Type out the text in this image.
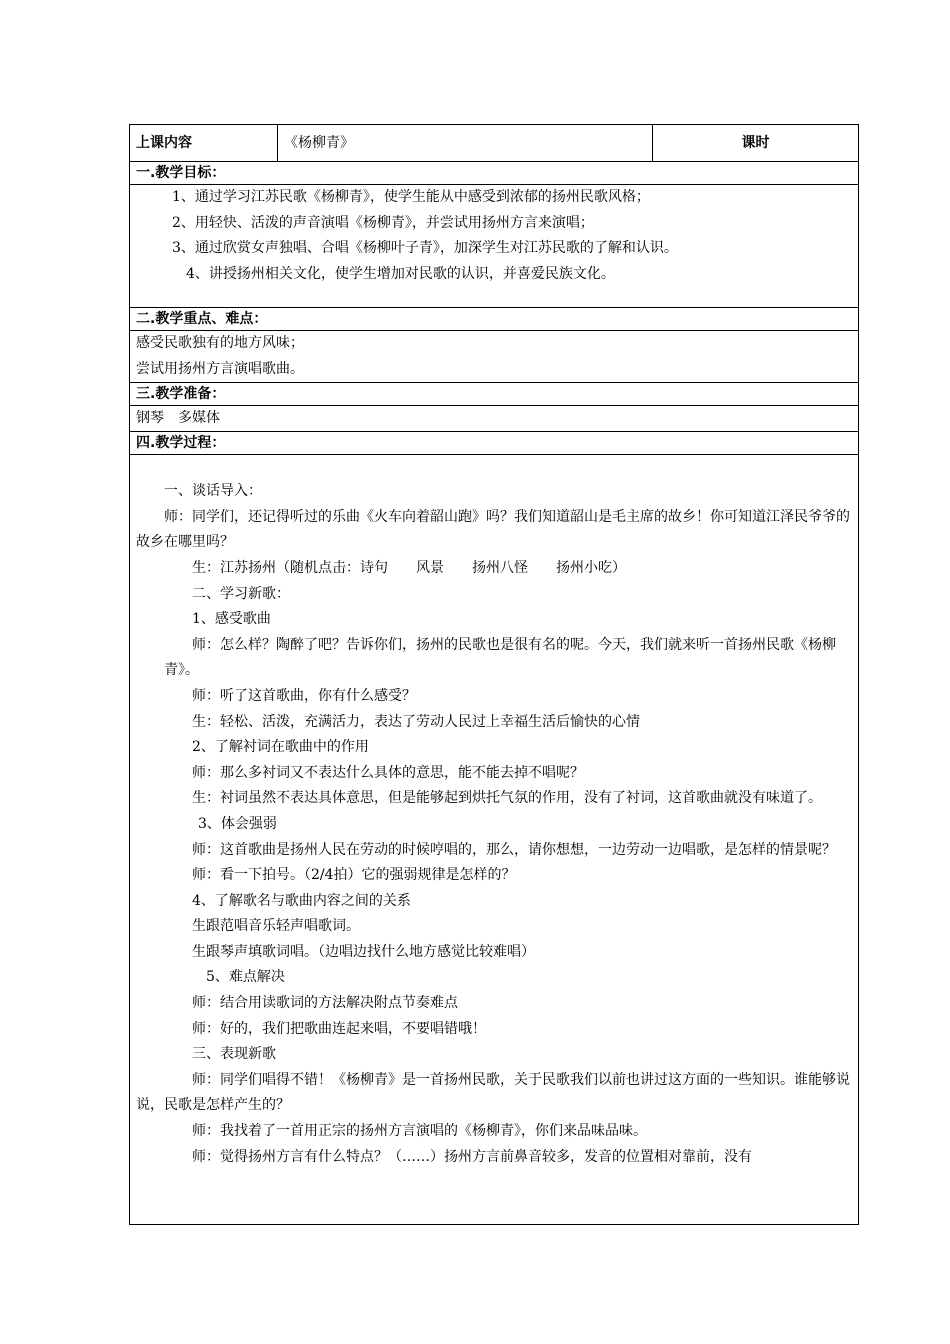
上课内容	《杨柳青》	课时

一.教学目标：

1、通过学习江苏民歌《杨柳青》，使学生能从中感受到浓郁的扬州民歌风格；

2、用轻快、活泼的声音演唱《杨柳青》，并尝试用扬州方言来演唱；

3、通过欣赏女声独唱、合唱《杨柳叶子青》，加深学生对江苏民歌的了解和认识。

4、讲授扬州相关文化，使学生增加对民歌的认识，并喜爱民族文化。

二.教学重点、难点：

感受民歌独有的地方风味；

尝试用扬州方言演唱歌曲。

三.教学准备：
钢琴　多媒体
四.教学过程：

一、谈话导入：

师：同学们，还记得听过的乐曲《火车向着韶山跑》吗？我们知道韶山是毛主席的故乡！你可知道江泽民爷爷的故乡在哪里吗？

生：江苏扬州（随机点击：诗句　　风景　　扬州八怪　　扬州小吃）

二、学习新歌：

1、感受歌曲

师：怎么样？陶醉了吧？告诉你们，扬州的民歌也是很有名的呢。今天，我们就来听一首扬州民歌《杨柳青》。

师：听了这首歌曲，你有什么感受？

生：轻松、活泼，充满活力，表达了劳动人民过上幸福生活后愉快的心情

2、了解衬词在歌曲中的作用

师：那么多衬词又不表达什么具体的意思，能不能去掉不唱呢？

生：衬词虽然不表达具体意思，但是能够起到烘托气氛的作用，没有了衬词，这首歌曲就没有味道了。

3、体会强弱

师：这首歌曲是扬州人民在劳动的时候哼唱的，那么，请你想想，一边劳动一边唱歌，是怎样的情景呢？

师：看一下拍号。（2/4拍）它的强弱规律是怎样的？

4、了解歌名与歌曲内容之间的关系

生跟范唱音乐轻声唱歌词。

生跟琴声填歌词唱。（边唱边找什么地方感觉比较难唱）

5、难点解决

师：结合用读歌词的方法解决附点节奏难点

师：好的，我们把歌曲连起来唱，不要唱错哦！

三、表现新歌

师：同学们唱得不错！《杨柳青》是一首扬州民歌，关于民歌我们以前也讲过这方面的一些知识。谁能够说说，民歌是怎样产生的？

师：我找着了一首用正宗的扬州方言演唱的《杨柳青》，你们来品味品味。

师：觉得扬州方言有什么特点？（……）扬州方言前鼻音较多，发音的位置相对靠前，没有
